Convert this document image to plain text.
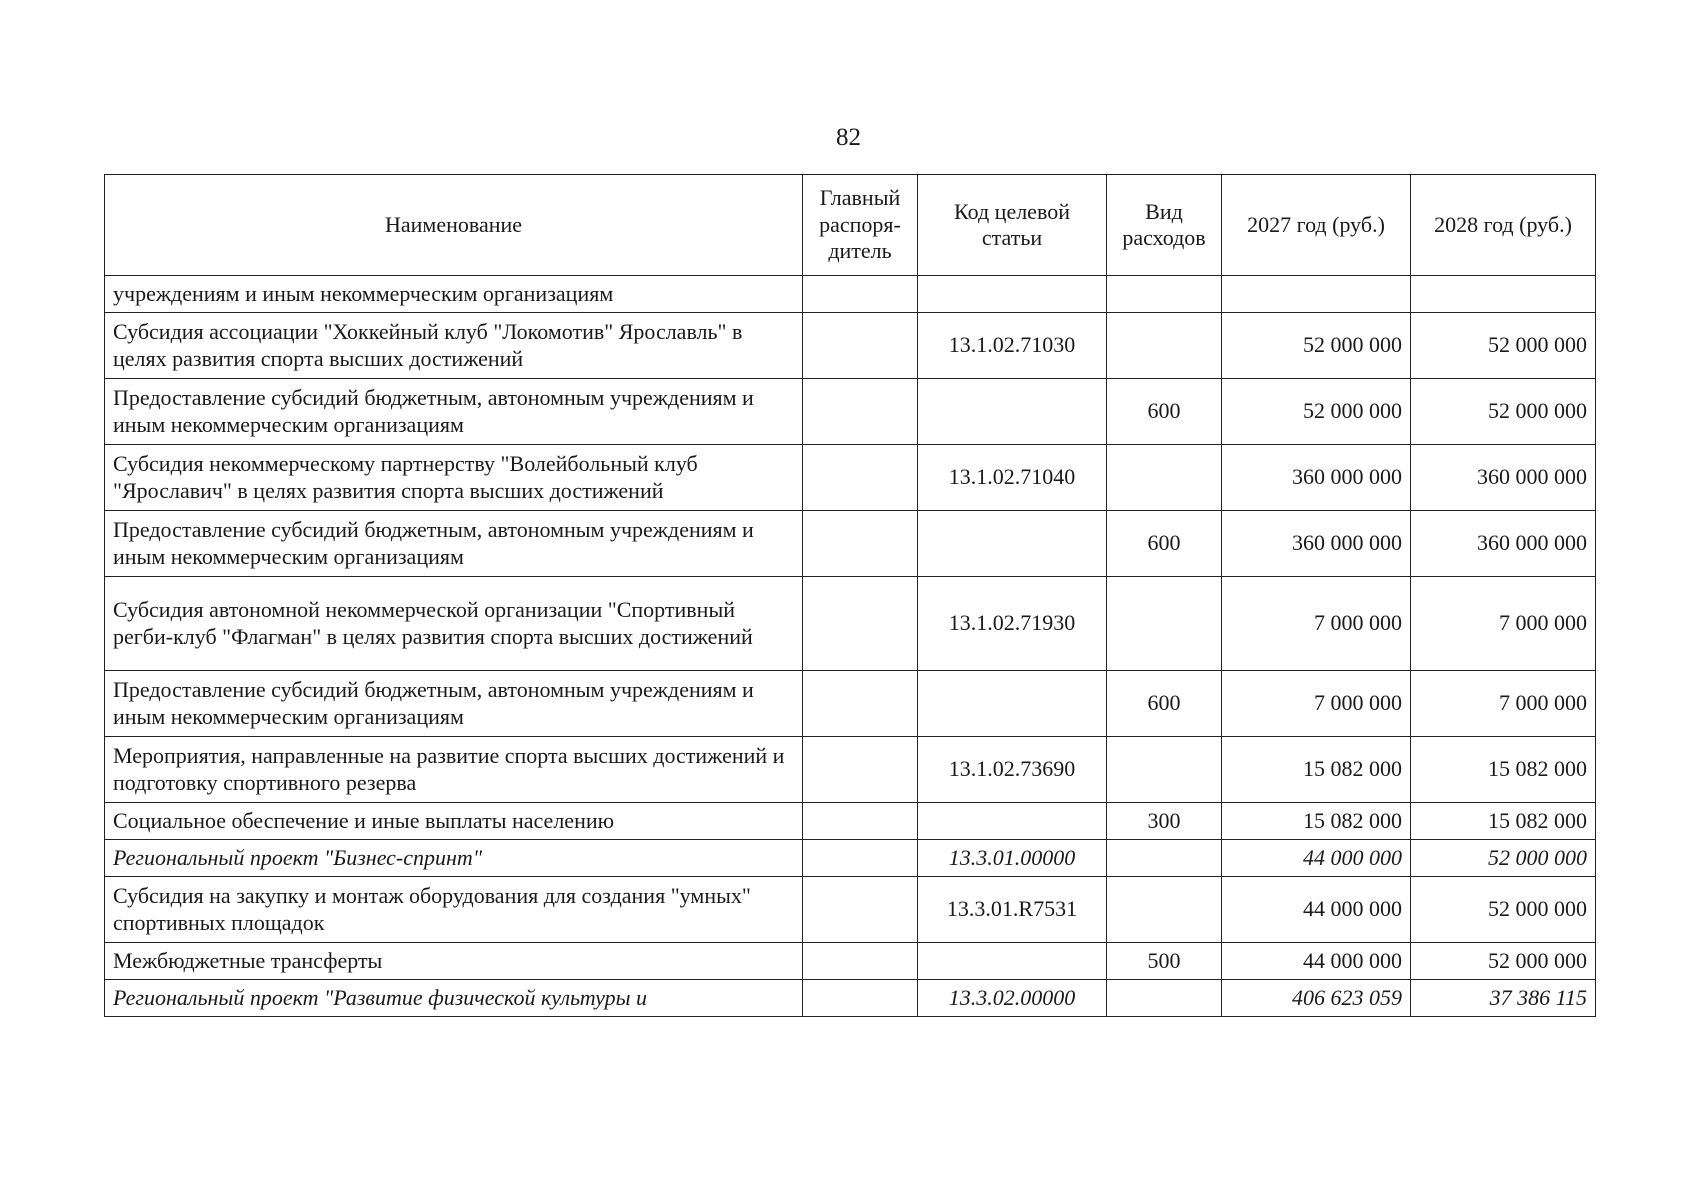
82
Наименование	Главный распоря-дитель	Код целевой статьи	Вид расходов	2027 год (руб.)	2028 год (руб.)
учреждениям и иным некоммерческим организациям					
Субсидия ассоциации "Хоккейный клуб "Локомотив" Ярославль" в целях развития спорта высших достижений		13.1.02.71030		52 000 000	52 000 000
Предоставление субсидий бюджетным, автономным учреждениям и иным некоммерческим организациям			600	52 000 000	52 000 000
Субсидия некоммерческому партнерству "Волейбольный клуб "Ярославич" в целях развития спорта высших достижений		13.1.02.71040		360 000 000	360 000 000
Предоставление субсидий бюджетным, автономным учреждениям и иным некоммерческим организациям			600	360 000 000	360 000 000
Субсидия автономной некоммерческой организации "Спортивный регби-клуб "Флагман" в целях развития спорта высших достижений		13.1.02.71930		7 000 000	7 000 000
Предоставление субсидий бюджетным, автономным учреждениям и иным некоммерческим организациям			600	7 000 000	7 000 000
Мероприятия, направленные на развитие спорта высших достижений и подготовку спортивного резерва		13.1.02.73690		15 082 000	15 082 000
Социальное обеспечение и иные выплаты населению			300	15 082 000	15 082 000
Региональный проект "Бизнес-спринт"		13.3.01.00000		44 000 000	52 000 000
Субсидия на закупку и монтаж оборудования для создания "умных" спортивных площадок		13.3.01.R7531		44 000 000	52 000 000
Межбюджетные трансферты			500	44 000 000	52 000 000
Региональный проект "Развитие физической культуры и		13.3.02.00000		406 623 059	37 386 115
